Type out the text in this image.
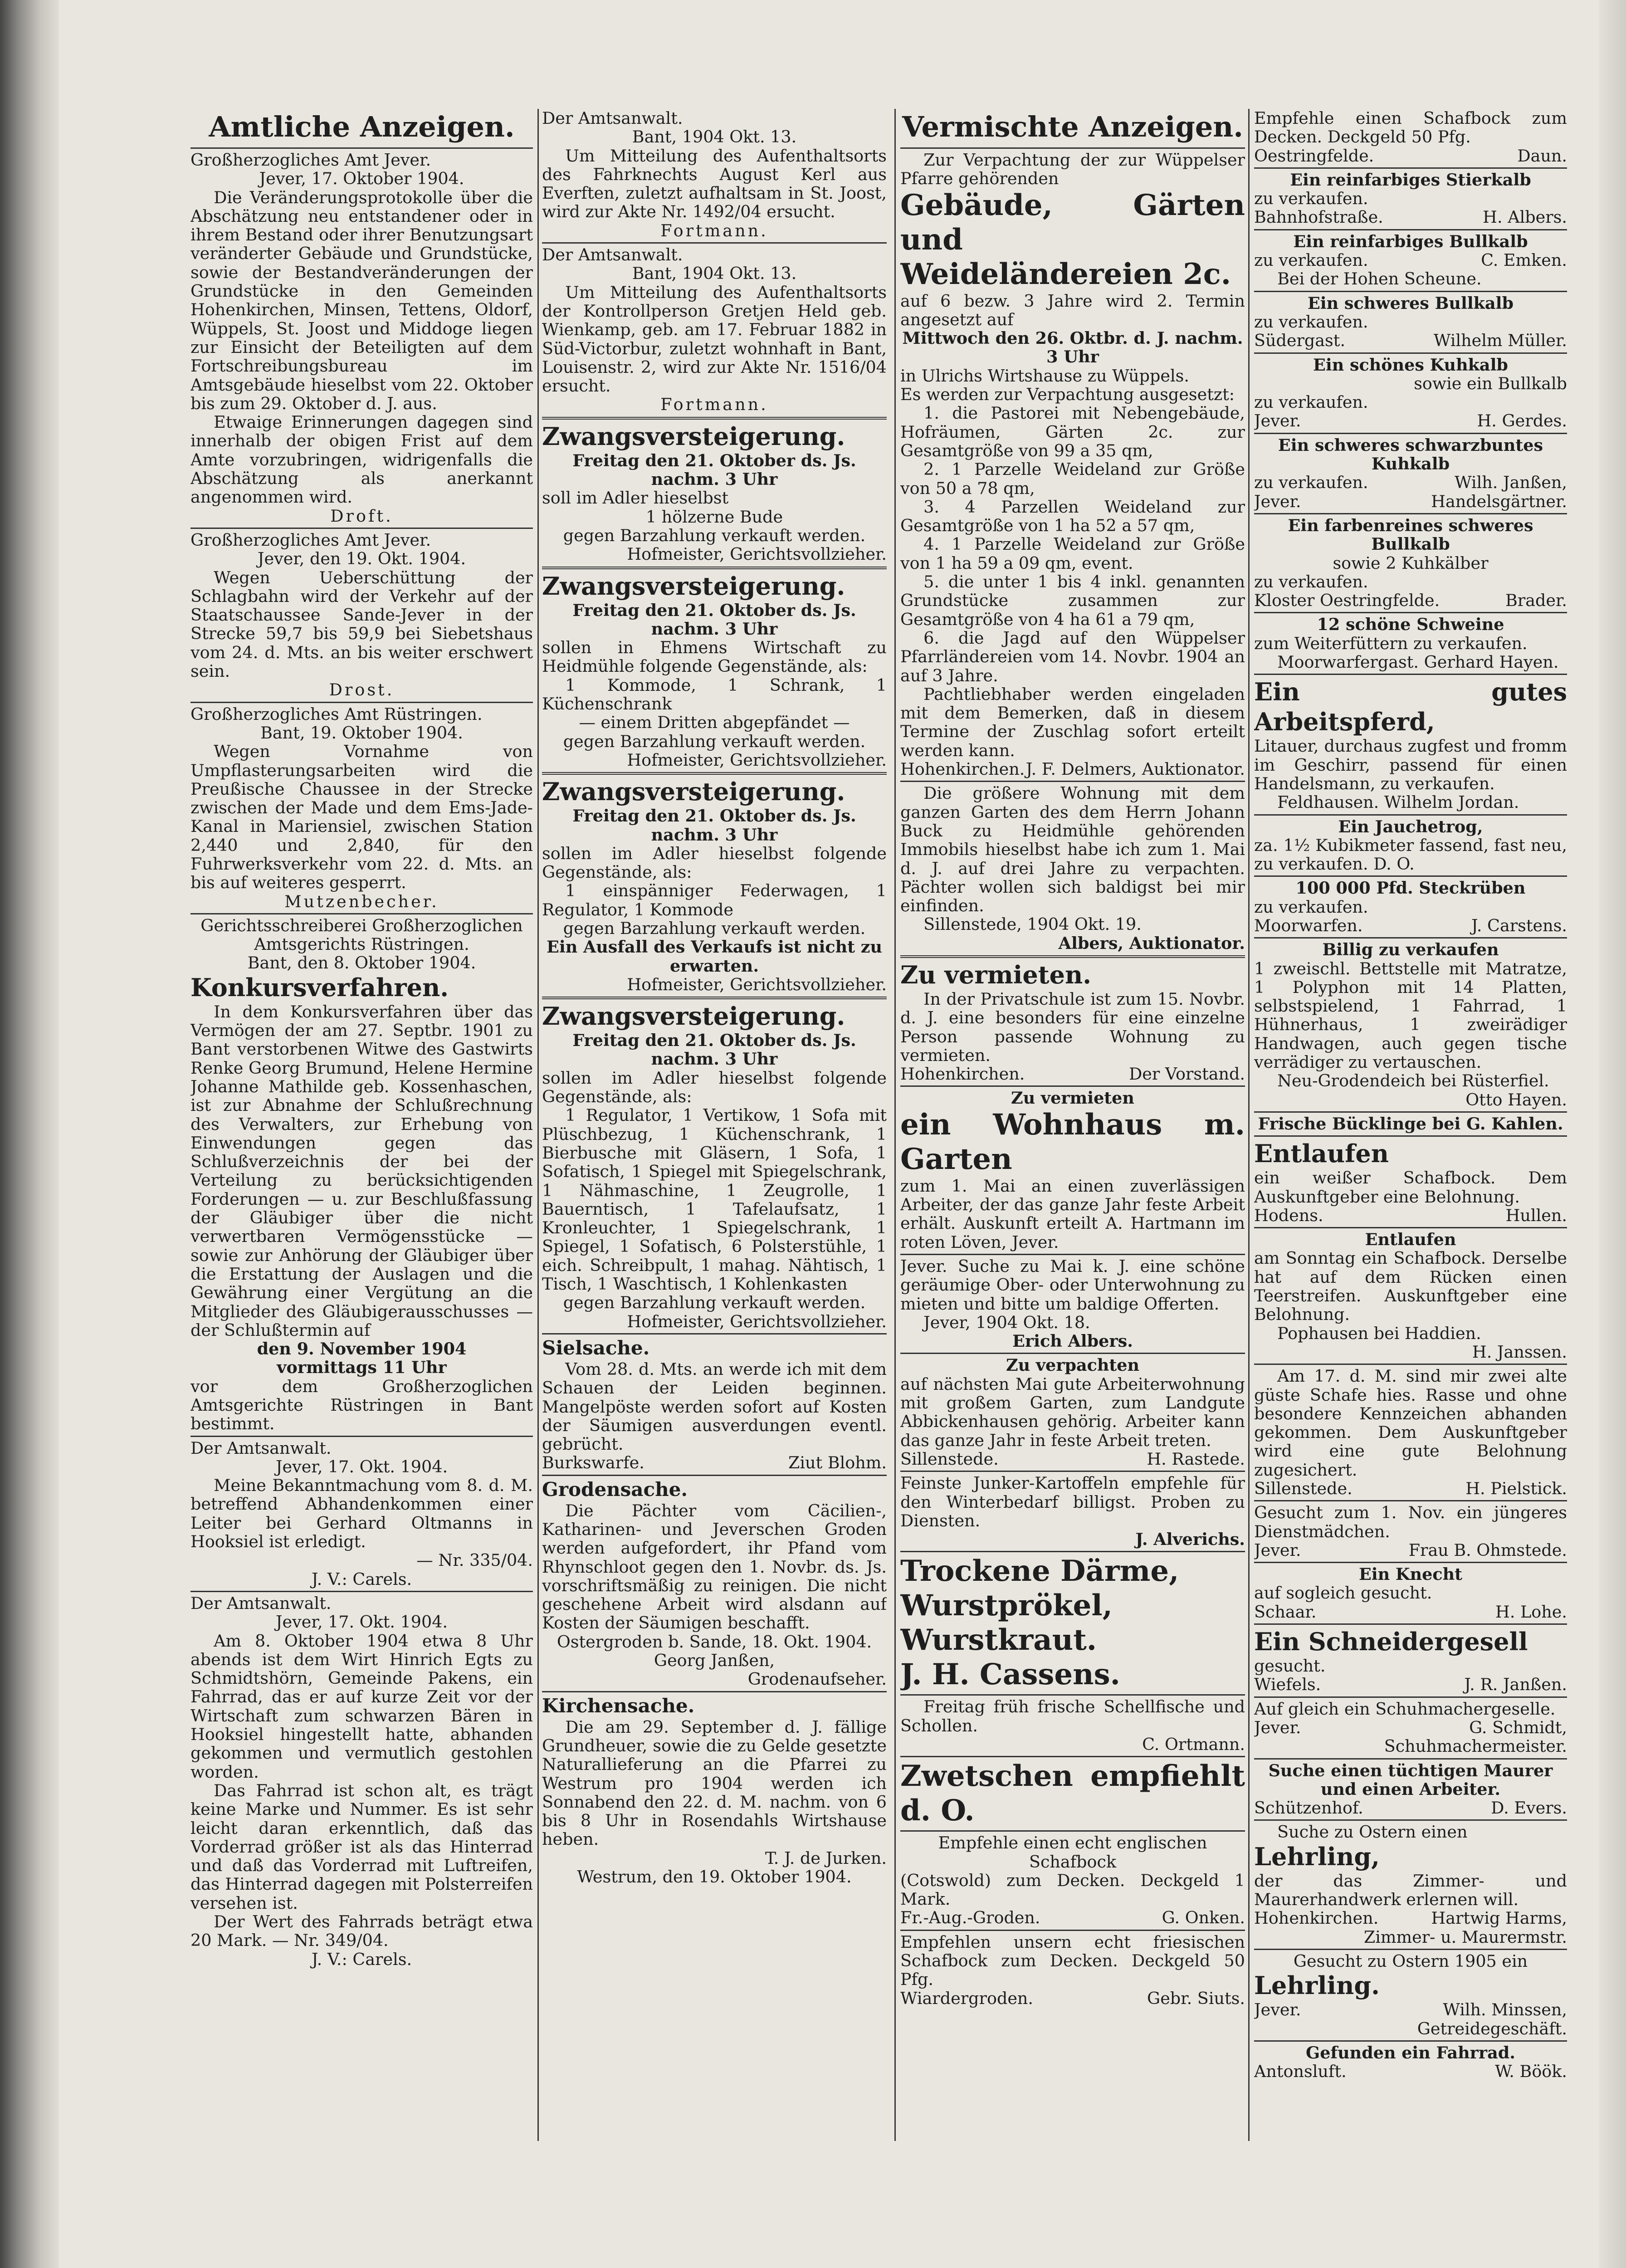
Amtliche Anzeigen.

Großherzogliches Amt Jever.

Jever, 17. Oktober 1904.

Die Veränderungsprotokolle über die Abschätzung neu entstandener oder in ihrem Bestand oder ihrer Benutzungsart veränderter Gebäude und Grundstücke, sowie der Bestandveränderungen der Grundstücke in den Gemeinden Hohenkirchen, Minsen, Tettens, Oldorf, Wüppels, St. Joost und Middoge liegen zur Einsicht der Beteiligten auf dem Fortschreibungsbureau im Amtsgebäude hieselbst vom 22. Oktober bis zum 29. Oktober d. J. aus.

Etwaige Erinnerungen dagegen sind innerhalb der obigen Frist auf dem Amte vorzubringen, widrigenfalls die Abschätzung als anerkannt angenommen wird.

Droft.

Großherzogliches Amt Jever.

Jever, den 19. Okt. 1904.

Wegen Ueberschüttung der Schlagbahn wird der Verkehr auf der Staatschaussee Sande-Jever in der Strecke 59,7 bis 59,9 bei Siebetshaus vom 24. d. Mts. an bis weiter erschwert sein.

Drost.

Großherzogliches Amt Rüstringen.

Bant, 19. Oktober 1904.

Wegen Vornahme von Umpflasterungsarbeiten wird die Preußische Chaussee in der Strecke zwischen der Made und dem Ems-Jade-Kanal in Mariensiel, zwischen Station 2,440 und 2,840, für den Fuhrwerksverkehr vom 22. d. Mts. an bis auf weiteres gesperrt.

Mutzenbecher.

Gerichtsschreiberei Großherzoglichen Amtsgerichts Rüstringen.

Bant, den 8. Oktober 1904.

Konkursverfahren.

In dem Konkursverfahren über das Vermögen der am 27. Septbr. 1901 zu Bant verstorbenen Witwe des Gastwirts Renke Georg Brumund, Helene Hermine Johanne Mathilde geb. Kossenhaschen, ist zur Abnahme der Schlußrechnung des Verwalters, zur Erhebung von Einwendungen gegen das Schlußverzeichnis der bei der Verteilung zu berücksichtigenden Forderungen — u. zur Beschlußfassung der Gläubiger über die nicht verwertbaren Vermögensstücke — sowie zur Anhörung der Gläubiger über die Erstattung der Auslagen und die Gewährung einer Vergütung an die Mitglieder des Gläubigerausschusses — der Schlußtermin auf

den 9. November 1904

vormittags 11 Uhr

vor dem Großherzoglichen Amtsgerichte Rüstringen in Bant bestimmt.

Der Amtsanwalt.

Jever, 17. Okt. 1904.

Meine Bekanntmachung vom 8. d. M. betreffend Abhandenkommen einer Leiter bei Gerhard Oltmanns in Hooksiel ist erledigt.

— Nr. 335/04.

J. V.: Carels.

Der Amtsanwalt.

Jever, 17. Okt. 1904.

Am 8. Oktober 1904 etwa 8 Uhr abends ist dem Wirt Hinrich Egts zu Schmidtshörn, Gemeinde Pakens, ein Fahrrad, das er auf kurze Zeit vor der Wirtschaft zum schwarzen Bären in Hooksiel hingestellt hatte, abhanden gekommen und vermutlich gestohlen worden.

Das Fahrrad ist schon alt, es trägt keine Marke und Nummer. Es ist sehr leicht daran erkenntlich, daß das Vorderrad größer ist als das Hinterrad und daß das Vorderrad mit Luftreifen, das Hinterrad dagegen mit Polsterreifen versehen ist.

Der Wert des Fahrrads beträgt etwa 20 Mark. — Nr. 349/04.

J. V.: Carels.

Der Amtsanwalt.

Bant, 1904 Okt. 13.

Um Mitteilung des Aufenthaltsorts des Fahrknechts August Kerl aus Everften, zuletzt aufhaltsam in St. Joost, wird zur Akte Nr. 1492/04 ersucht.

Fortmann.

Der Amtsanwalt.

Bant, 1904 Okt. 13.

Um Mitteilung des Aufenthaltsorts der Kontrollperson Gretjen Held geb. Wienkamp, geb. am 17. Februar 1882 in Süd-Victorbur, zuletzt wohnhaft in Bant, Louisenstr. 2, wird zur Akte Nr. 1516/04 ersucht.

Fortmann.

Zwangsversteigerung.

Freitag den 21. Oktober ds. Js. nachm. 3 Uhr

soll im Adler hieselbst

1 hölzerne Bude

gegen Barzahlung verkauft werden.

Hofmeister, Gerichtsvollzieher.

Zwangsversteigerung.

Freitag den 21. Oktober ds. Js. nachm. 3 Uhr

sollen in Ehmens Wirtschaft zu Heidmühle folgende Gegenstände, als:

1 Kommode, 1 Schrank, 1 Küchenschrank

— einem Dritten abgepfändet —

gegen Barzahlung verkauft werden.

Hofmeister, Gerichtsvollzieher.

Zwangsversteigerung.

Freitag den 21. Oktober ds. Js. nachm. 3 Uhr

sollen im Adler hieselbst folgende Gegenstände, als:

1 einspänniger Federwagen, 1 Regulator, 1 Kommode

gegen Barzahlung verkauft werden.

Ein Ausfall des Verkaufs ist nicht zu erwarten.

Hofmeister, Gerichtsvollzieher.

Zwangsversteigerung.

Freitag den 21. Oktober ds. Js. nachm. 3 Uhr

sollen im Adler hieselbst folgende Gegenstände, als:

1 Regulator, 1 Vertikow, 1 Sofa mit Plüschbezug, 1 Küchenschrank, 1 Bierbusche mit Gläsern, 1 Sofa, 1 Sofatisch, 1 Spiegel mit Spiegelschrank, 1 Nähmaschine, 1 Zeugrolle, 1 Bauerntisch, 1 Tafelaufsatz, 1 Kronleuchter, 1 Spiegelschrank, 1 Spiegel, 1 Sofatisch, 6 Polsterstühle, 1 eich. Schreibpult, 1 mahag. Nähtisch, 1 Tisch, 1 Waschtisch, 1 Kohlenkasten

gegen Barzahlung verkauft werden.

Hofmeister, Gerichtsvollzieher.

Sielsache.

Vom 28. d. Mts. an werde ich mit dem Schauen der Leiden beginnen. Mangelpöste werden sofort auf Kosten der Säumigen ausverdungen eventl. gebrücht.

Burkswarfe.	Ziut Blohm.

Grodensache.

Die Pächter vom Cäcilien-, Katharinen- und Jeverschen Groden werden aufgefordert, ihr Pfand vom Rhynschloot gegen den 1. Novbr. ds. Js. vorschriftsmäßig zu reinigen. Die nicht geschehene Arbeit wird alsdann auf Kosten der Säumigen beschafft.

Ostergroden b. Sande, 18. Okt. 1904.

Georg Janßen,

Grodenaufseher.

Kirchensache.

Die am 29. September d. J. fällige Grundheuer, sowie die zu Gelde gesetzte Naturallieferung an die Pfarrei zu Westrum pro 1904 werden ich Sonnabend den 22. d. M. nachm. von 6 bis 8 Uhr in Rosendahls Wirtshause heben.

T. J. de Jurken.

Westrum, den 19. Oktober 1904.

Vermischte Anzeigen.

Zur Verpachtung der zur Wüppelser Pfarre gehörenden

Gebäude, Gärten und Weideländereien 2c.

auf 6 bezw. 3 Jahre wird 2. Termin angesetzt auf

Mittwoch den 26. Oktbr. d. J. nachm. 3 Uhr

in Ulrichs Wirtshause zu Wüppels.

Es werden zur Verpachtung ausgesetzt:

1. die Pastorei mit Nebengebäude, Hofräumen, Gärten 2c. zur Gesamtgröße von 99 a 35 qm,

2. 1 Parzelle Weideland zur Größe von 50 a 78 qm,

3. 4 Parzellen Weideland zur Gesamtgröße von 1 ha 52 a 57 qm,

4. 1 Parzelle Weideland zur Größe von 1 ha 59 a 09 qm, event.

5. die unter 1 bis 4 inkl. genannten Grundstücke zusammen zur Gesamtgröße von 4 ha 61 a 79 qm,

6. die Jagd auf den Wüppelser Pfarrländereien vom 14. Novbr. 1904 an auf 3 Jahre.

Pachtliebhaber werden eingeladen mit dem Bemerken, daß in diesem Termine der Zuschlag sofort erteilt werden kann.

Hohenkirchen. J. F. Delmers, Auktionator.

Die größere Wohnung mit dem ganzen Garten des dem Herrn Johann Buck zu Heidmühle gehörenden Immobils hieselbst habe ich zum 1. Mai d. J. auf drei Jahre zu verpachten. Pächter wollen sich baldigst bei mir einfinden.

Sillenstede, 1904 Okt. 19.

Albers, Auktionator.

Zu vermieten.

In der Privatschule ist zum 15. Novbr. d. J. eine besonders für eine einzelne Person passende Wohnung zu vermieten.

Hohenkirchen.	Der Vorstand.

Zu vermieten

ein Wohnhaus m. Garten

zum 1. Mai an einen zuverlässigen Arbeiter, der das ganze Jahr feste Arbeit erhält. Auskunft erteilt A. Hartmann im roten Löven, Jever.

Jever. Suche zu Mai k. J. eine schöne geräumige Ober- oder Unterwohnung zu mieten und bitte um baldige Offerten.

Jever, 1904 Okt. 18.

Erich Albers.

Zu verpachten

auf nächsten Mai gute Arbeiterwohnung mit großem Garten, zum Landgute Abbickenhausen gehörig. Arbeiter kann das ganze Jahr in feste Arbeit treten.

Sillenstede.	H. Rastede.

Feinste Junker-Kartoffeln empfehle für den Winterbedarf billigst. Proben zu Diensten.

J. Alverichs.

Trockene Därme,

Wurstprökel,

Wurstkraut.

J. H. Cassens.

Freitag früh frische Schellfische und Schollen.

C. Ortmann.

Zwetschen empfiehlt d. O.

Empfehle einen echt englischen Schafbock

(Cotswold) zum Decken. Deckgeld 1 Mark.

Fr.-Aug.-Groden.	G. Onken.

Empfehlen unsern echt friesischen Schafbock zum Decken. Deckgeld 50 Pfg.

Wiardergroden.	Gebr. Siuts.

Empfehle einen Schafbock zum Decken. Deckgeld 50 Pfg.

Oestringfelde.	Daun.

Ein reinfarbiges Stierkalb

zu verkaufen.

Bahnhofstraße.	H. Albers.

Ein reinfarbiges Bullkalb

zu verkaufen.	C. Emken.

Bei der Hohen Scheune.

Ein schweres Bullkalb

zu verkaufen.

Südergast.	Wilhelm Müller.

Ein schönes Kuhkalb

sowie ein Bullkalb

zu verkaufen.

Jever.	H. Gerdes.

Ein schweres schwarzbuntes Kuhkalb

zu verkaufen.	Wilh. Janßen,
Jever.	Handelsgärtner.

Ein farbenreines schweres Bullkalb

sowie 2 Kuhkälber

zu verkaufen.

Kloster Oestringfelde.	Brader.

12 schöne Schweine

zum Weiterfüttern zu verkaufen.

Moorwarfergast. Gerhard Hayen.

Ein gutes Arbeitspferd,

Litauer, durchaus zugfest und fromm im Geschirr, passend für einen Handelsmann, zu verkaufen.

Feldhausen. Wilhelm Jordan.

Ein Jauchetrog,

za. 1½ Kubikmeter fassend, fast neu, zu verkaufen. D. O.

100 000 Pfd. Steckrüben

zu verkaufen.

Moorwarfen.	J. Carstens.

Billig zu verkaufen

1 zweischl. Bettstelle mit Matratze, 1 Polyphon mit 14 Platten, selbstspielend, 1 Fahrrad, 1 Hühnerhaus, 1 zweirädiger Handwagen, auch gegen tische verrädiger zu vertauschen.

Neu-Grodendeich bei Rüsterfiel.

Otto Hayen.

Frische Bücklinge bei G. Kahlen.

Entlaufen

ein weißer Schafbock. Dem Auskunftgeber eine Belohnung.

Hodens.	Hullen.

Entlaufen

am Sonntag ein Schafbock. Derselbe hat auf dem Rücken einen Teerstreifen. Auskunftgeber eine Belohnung.

Pophausen bei Haddien.

H. Janssen.

Am 17. d. M. sind mir zwei alte güste Schafe hies. Rasse und ohne besondere Kennzeichen abhanden gekommen. Dem Auskunftgeber wird eine gute Belohnung zugesichert.

Sillenstede.	H. Pielstick.

Gesucht zum 1. Nov. ein jüngeres Dienstmädchen.

Jever.	Frau B. Ohmstede.

Ein Knecht

auf sogleich gesucht.

Schaar.	H. Lohe.

Ein Schneidergesell

gesucht.

Wiefels.	J. R. Janßen.

Auf gleich ein Schuhmachergeselle.

Jever.	G. Schmidt,

Schuhmachermeister.

Suche einen tüchtigen Maurer und einen Arbeiter.

Schützenhof.	D. Evers.

Suche zu Ostern einen

Lehrling,

der das Zimmer- und Maurerhandwerk erlernen will.

Hohenkirchen.	Hartwig Harms,

Zimmer- u. Maurermstr.

Gesucht zu Ostern 1905 ein

Lehrling.

Jever.	Wilh. Minssen,

Getreidegeschäft.

Gefunden ein Fahrrad.

Antonsluft.	W. Böök.
